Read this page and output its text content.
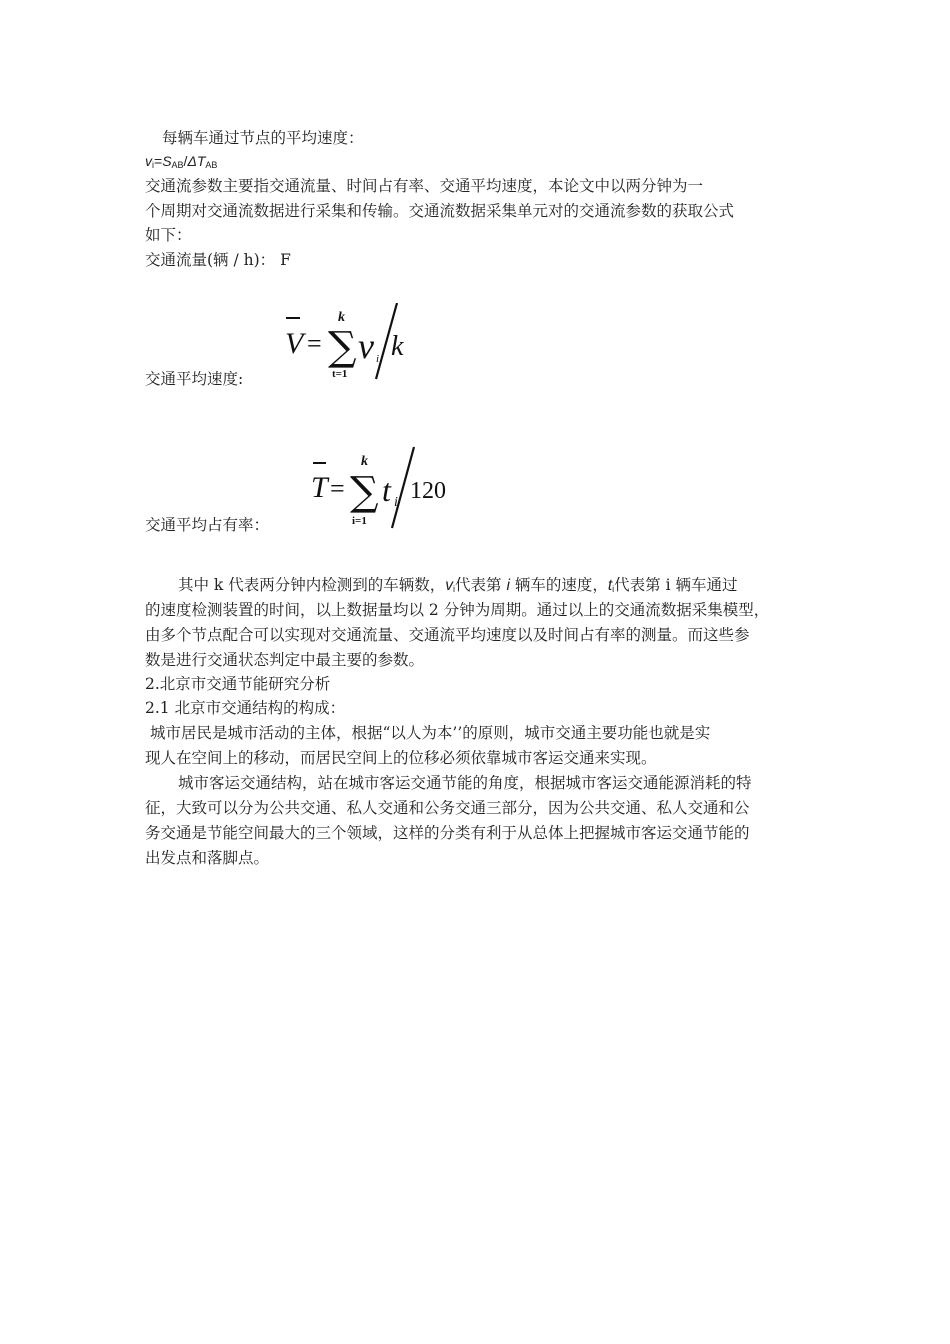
每辆车通过节点的平均速度：
$v_i=S_{AB}/\Delta T_{AB}$
交通流参数主要指交通流量、时间占有率、交通平均速度，本论文中以两分钟为一
个周期对交通流数据进行采集和传输。交通流数据采集单元对的交通流参数的获取公式
如下：
交通流量(辆 / h)： F
交通平均速度:
V = ∑
k
t=1
v i k
交通平均占有率：
T = ∑
k
i=1
t i 120
其中 k 代表两分钟内检测到的车辆数，$v_i$代表第 i 辆车的速度，$t_i$代表第 i 辆车通过
的速度检测装置的时间，以上数据量均以 2 分钟为周期。通过以上的交通流数据采集模型，
由多个节点配合可以实现对交通流量、交通流平均速度以及时间占有率的测量。而这些参
数是进行交通状态判定中最主要的参数。
2.北京市交通节能研究分析
2.1 北京市交通结构的构成：
城市居民是城市活动的主体，根据“以人为本’’的原则，城市交通主要功能也就是实
现人在空间上的移动，而居民空间上的位移必须依靠城市客运交通来实现。
城市客运交通结构，站在城市客运交通节能的角度，根据城市客运交通能源消耗的特
征，大致可以分为公共交通、私人交通和公务交通三部分，因为公共交通、私人交通和公
务交通是节能空间最大的三个领域，这样的分类有利于从总体上把握城市客运交通节能的
出发点和落脚点。
